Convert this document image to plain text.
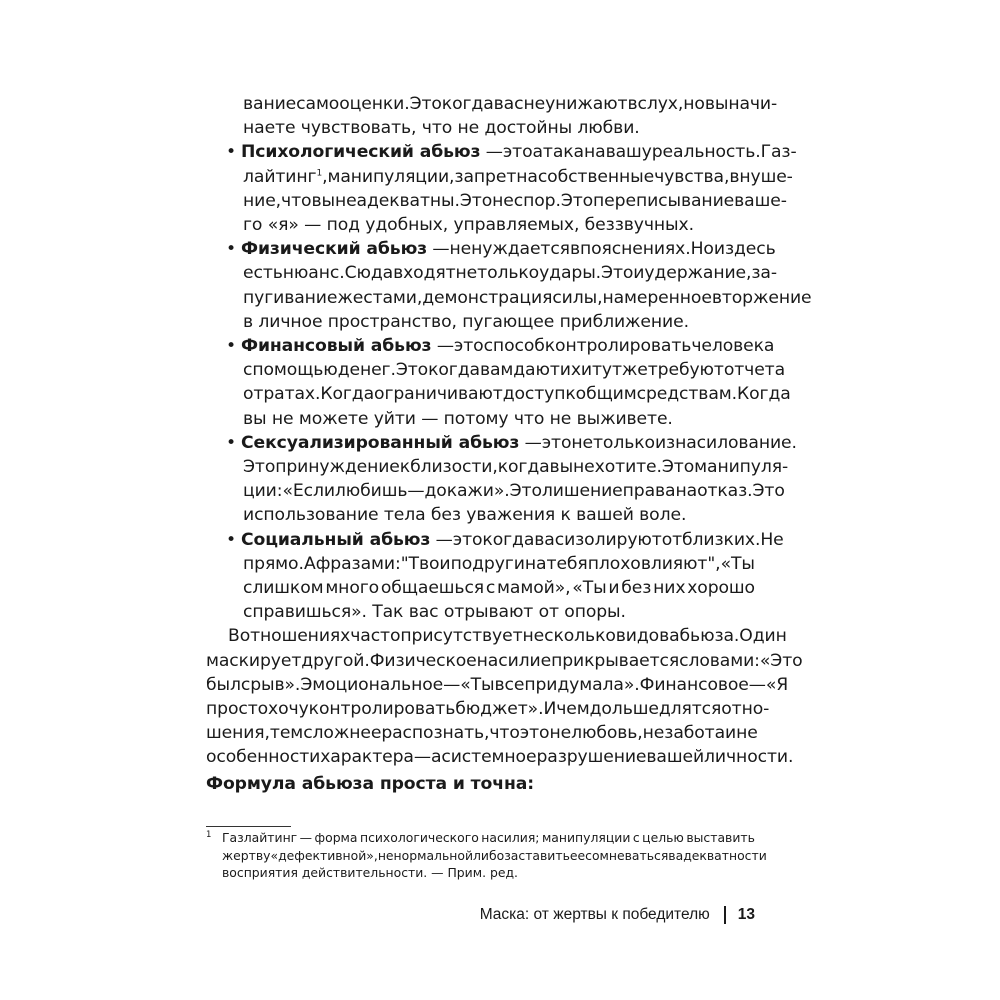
вание самооценки. Это когда вас не унижают вслух, но вы начи-
наете чувствовать, что не достойны любви.
• Психологический абьюз — это атака на вашу реальность. Газ-
лайтинг$^1$ , манипуляции, запрет на собственные чувства, внуше-
ние, что вы неадекватны. Это не спор. Это переписывание ваше-
го «я» — под удобных, управляемых, беззвучных.
• Физический абьюз — не нуждается в пояснениях. Но и здесь
есть нюанс. Сюда входят не только удары. Это и удержание, за-
пугивание жестами, демонстрация силы, намеренное вторжение
в личное пространство, пугающее приближение.
• Финансовый абьюз — это способ контролировать человека
с помощью денег. Это когда вам дают их и тут же требуют отчета
о тратах. Когда ограничивают доступ к общим средствам. Когда
вы не можете уйти — потому что не выживете.
• Сексуализированный абьюз — это не только изнасилование.
Это принуждение к близости, когда вы не хотите. Это манипуля-
ции: «Если любишь — докажи». Это лишение права на отказ. Это
использование тела без уважения к вашей воле.
• Социальный абьюз — это когда вас изолируют от близких. Не
прямо. А фразами: "Твои подруги на тебя плохо влияют", «Ты
слишком много общаешься с мамой», «Ты и без них хорошо
справишься». Так вас отрывают от опоры.
В отношениях часто присутствует несколько видов абьюза. Один
маскирует другой. Физическое насилие прикрывается словами: «Это
был срыв». Эмоциональное — «Ты все придумала». Финансовое — «Я
просто хочу контролировать бюджет». И чем дольше длятся отно-
шения, тем сложнее распознать, что это не любовь, не забота и не
особенности характера — а системное разрушение вашей личности.
Формула абьюза проста и точна:
1 Газлайтинг — форма психологического насилия; манипуляции с целью выставить
жертву «дефективной», ненормальной либо заставить ее сомневаться в адекватности
восприятия действительности. — Прим. ред.
Маска: от жертвы к победителю 13
